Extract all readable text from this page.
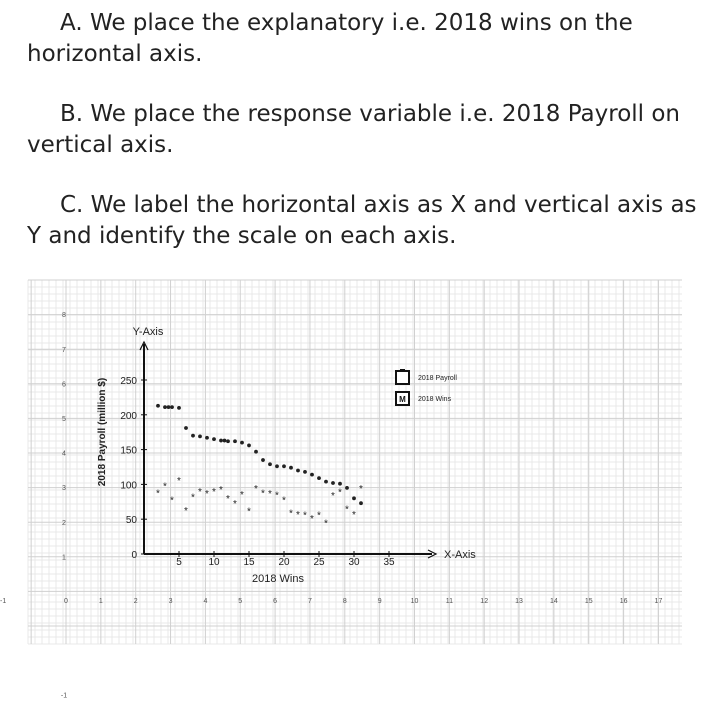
A. We place the explanatory i.e. 2018 wins on the horizontal axis.
B. We place the response variable i.e. 2018 Payroll on vertical axis.
C. We label the horizontal axis as X and vertical axis as Y and identify the scale on each axis.
-1	0	1	2	3	4	5	6	7	8	9	10	11	12	13	14	15	16	17
-1
1
2
3
4
5
6
7
8
0
50
100
150
200
250
5	10 15 20 25 30 35
*
*
*
*
*
*
* * * *
* *
*
*
* * * * *
* * * * *
*
* *
*
*
*
2018 Payroll
M 2018 Wins
Y-Axis
X-Axis
2018 Wins
2018 Payroll (million $)
